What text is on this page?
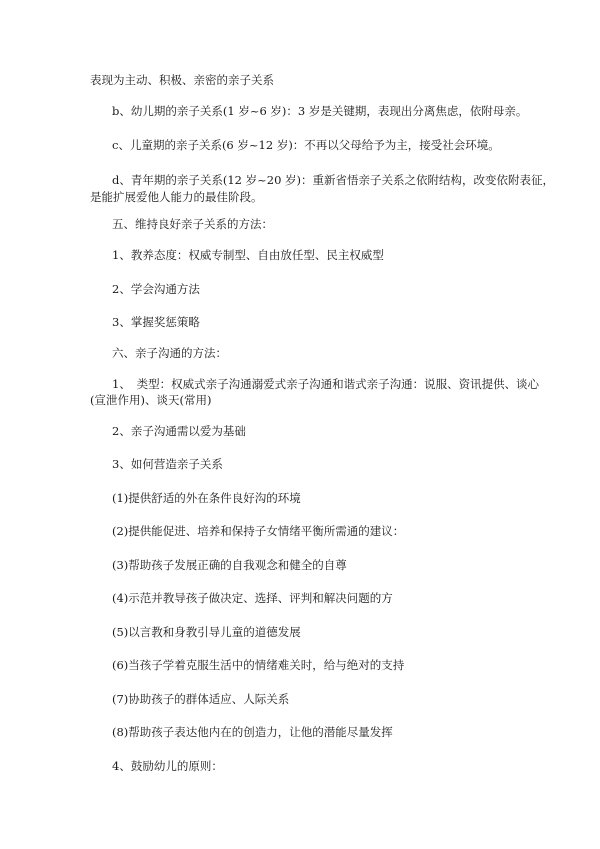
表现为主动、积极、亲密的亲子关系
b、幼儿期的亲子关系(1 岁~6 岁)：3 岁是关键期，表现出分离焦虑，依附母亲。
c、儿童期的亲子关系(6 岁~12 岁)：不再以父母给予为主，接受社会环境。
d、青年期的亲子关系(12 岁~20 岁)：重新省悟亲子关系之依附结构，改变依附表征，
是能扩展爱他人能力的最佳阶段。
五、维持良好亲子关系的方法：
1、教养态度：权威专制型、自由放任型、民主权威型
2、学会沟通方法
3、掌握奖惩策略
六、亲子沟通的方法：
1、　类型：权威式亲子沟通溺爱式亲子沟通和谐式亲子沟通：说服、资讯提供、谈心
(宣泄作用)、谈天(常用)
2、亲子沟通需以爱为基础
3、如何营造亲子关系
(1)提供舒适的外在条件良好沟的环境
(2)提供能促进、培养和保持子女情绪平衡所需通的建议：
(3)帮助孩子发展正确的自我观念和健全的自尊
(4)示范并教导孩子做决定、选择、评判和解决问题的方
(5)以言教和身教引导儿童的道德发展
(6)当孩子学着克服生活中的情绪难关时，给与绝对的支持
(7)协助孩子的群体适应、人际关系
(8)帮助孩子表达他内在的创造力，让他的潜能尽量发挥
4、鼓励幼儿的原则：
